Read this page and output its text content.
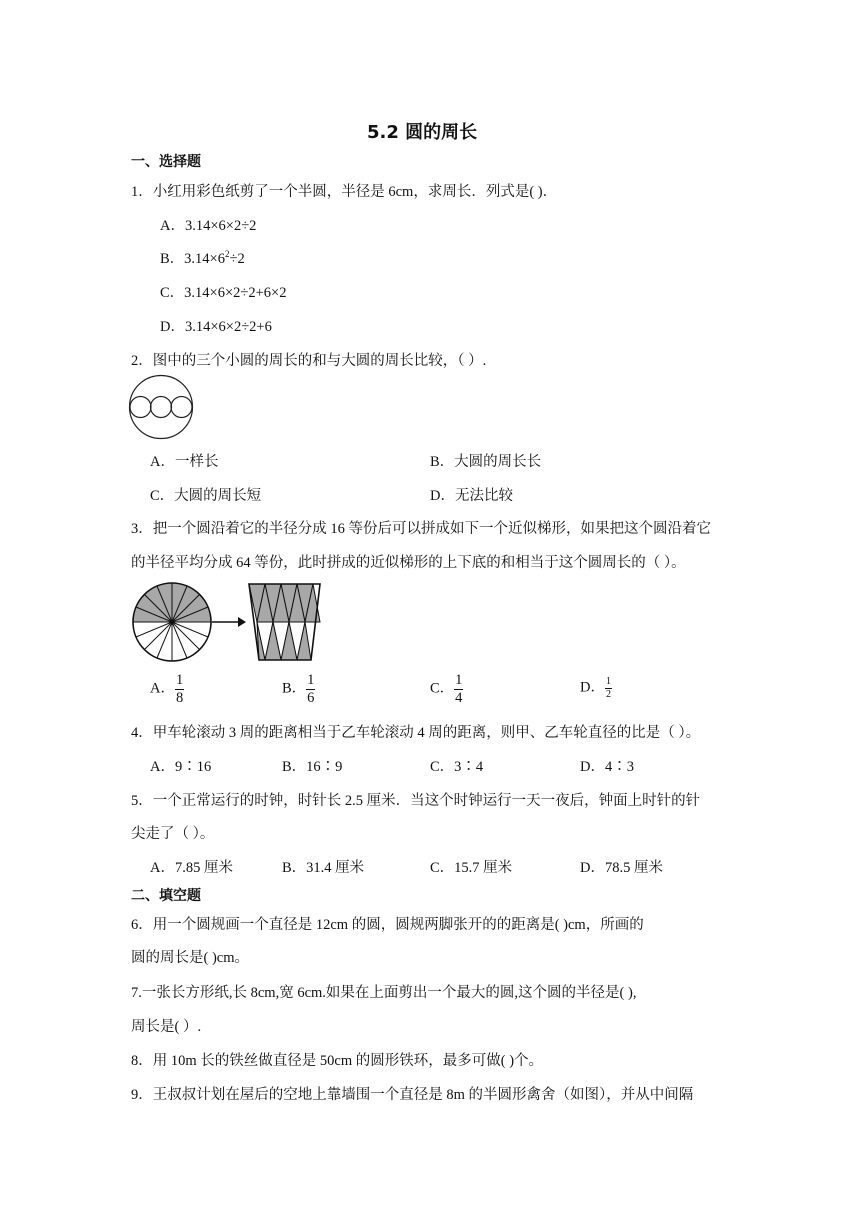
5.2 圆的周长
一、选择题
1．小红用彩色纸剪了一个半圆，半径是 6cm，求周长．列式是( )．
A．3.14×6×2÷2
B．$3.14\times 6^2\div 2$
C．3.14×6×2÷2+6×2
D．3.14×6×2÷2+6
2．图中的三个小圆的周长的和与大圆的周长比较，（ ）.
A．一样长	B．大圆的周长长
C．大圆的周长短	D．无法比较
3．把一个圆沿着它的半径分成 16 等份后可以拼成如下一个近似梯形，如果把这个圆沿着它
的半径平均分成 64 等份，此时拼成的近似梯形的上下底的和相当于这个圆周长的（ ）。
A． $\frac{1}{8}$	B． $\frac{1}{6}$	C． $\frac{1}{4}$	D． $\frac{1}{2}$
4．甲车轮滚动 3 周的距离相当于乙车轮滚动 4 周的距离，则甲、乙车轮直径的比是（ ）。
A．9∶16	B．16∶9	C．3∶4	D．4∶3
5．一个正常运行的时钟，时针长 2.5 厘米．当这个时钟运行一天一夜后，钟面上时针的针
尖走了（ ）。
A．7.85 厘米	B．31.4 厘米	C．15.7 厘米	D．78.5 厘米
二、填空题
6．用一个圆规画一个直径是 12cm 的圆，圆规两脚张开的的距离是( )cm，所画的
圆的周长是( )cm。
7.一张长方形纸,长 8cm,宽 6cm.如果在上面剪出一个最大的圆,这个圆的半径是( ),
周长是( ）.
8．用 10m 长的铁丝做直径是 50cm 的圆形铁环，最多可做( )个。
9．王叔叔计划在屋后的空地上靠墙围一个直径是 8m 的半圆形禽舍（如图），并从中间隔
